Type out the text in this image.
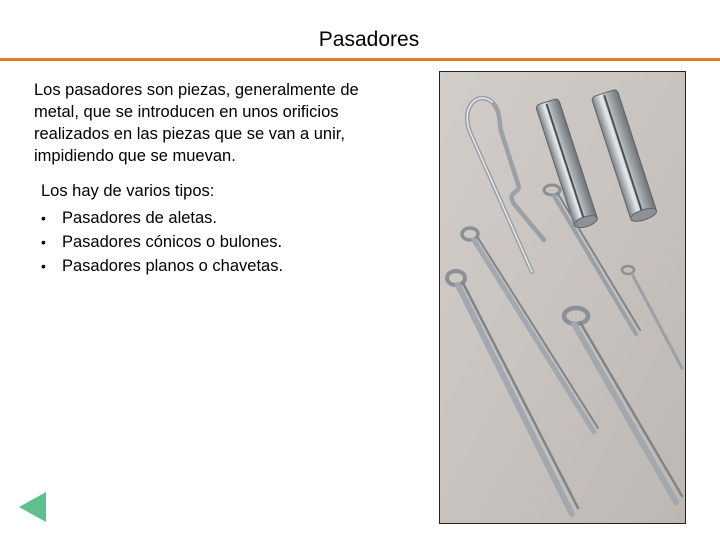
Pasadores

Los pasadores son piezas, generalmente de metal, que se introducen en unos orificios realizados en las piezas que se van a unir, impidiendo que se muevan.

Los hay de varios tipos:

• Pasadores de aletas.
• Pasadores cónicos o bulones.
• Pasadores planos o chavetas.
